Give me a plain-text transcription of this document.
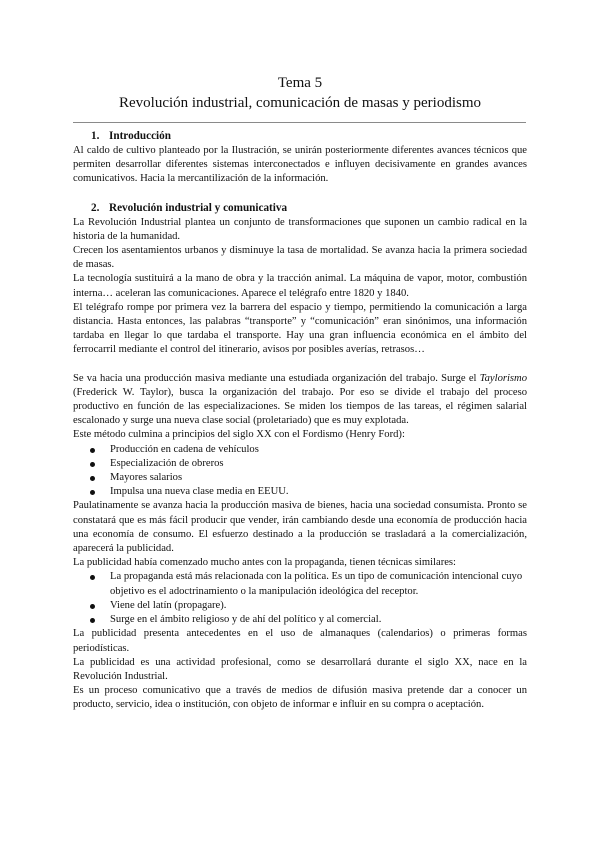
Tema 5
Revolución industrial, comunicación de masas y periodismo
1. Introducción

Al caldo de cultivo planteado por la Ilustración, se unirán posteriormente diferentes avances técnicos que permiten desarrollar diferentes sistemas interconectados e influyen decisivamente en grandes avances comunicativos. Hacia la mercantilización de la información.

2. Revolución industrial y comunicativa

La Revolución Industrial plantea un conjunto de transformaciones que suponen un cambio radical en la historia de la humanidad.

Crecen los asentamientos urbanos y disminuye la tasa de mortalidad. Se avanza hacia la primera sociedad de masas.

La tecnología sustituirá a la mano de obra y la tracción animal. La máquina de vapor, motor, combustión interna… aceleran las comunicaciones. Aparece el telégrafo entre 1820 y 1840.

El telégrafo rompe por primera vez la barrera del espacio y tiempo, permitiendo la comunicación a larga distancia. Hasta entonces, las palabras “transporte” y “comunicación” eran sinónimos, una información tardaba en llegar lo que tardaba el transporte. Hay una gran influencia económica en el ámbito del ferrocarril mediante el control del itinerario, avisos por posibles averías, retrasos…

Se va hacia una producción masiva mediante una estudiada organización del trabajo. Surge el Taylorismo (Frederick W. Taylor), busca la organización del trabajo. Por eso se divide el trabajo del proceso productivo en función de las especializaciones. Se miden los tiempos de las tareas, el régimen salarial escalonado y surge una nueva clase social (proletariado) que es muy explotada.

Este método culmina a principios del siglo XX con el Fordismo (Henry Ford):

Producción en cadena de vehículos
Especialización de obreros
Mayores salarios
Impulsa una nueva clase media en EEUU.

Paulatinamente se avanza hacia la producción masiva de bienes, hacia una sociedad consumista. Pronto se constatará que es más fácil producir que vender, irán cambiando desde una economía de producción hacia una economía de consumo. El esfuerzo destinado a la producción se trasladará a la comercialización, aparecerá la publicidad.

La publicidad había comenzado mucho antes con la propaganda, tienen técnicas similares:

La propaganda está más relacionada con la política. Es un tipo de comunicación intencional cuyo objetivo es el adoctrinamiento o la manipulación ideológica del receptor.
Viene del latín (propagare).
Surge en el ámbito religioso y de ahí del político y al comercial.

La publicidad presenta antecedentes en el uso de almanaques (calendarios) o primeras formas periodísticas.

La publicidad es una actividad profesional, como se desarrollará durante el siglo XX, nace en la Revolución Industrial.

Es un proceso comunicativo que a través de medios de difusión masiva pretende dar a conocer un producto, servicio, idea o institución, con objeto de informar e influir en su compra o aceptación.
